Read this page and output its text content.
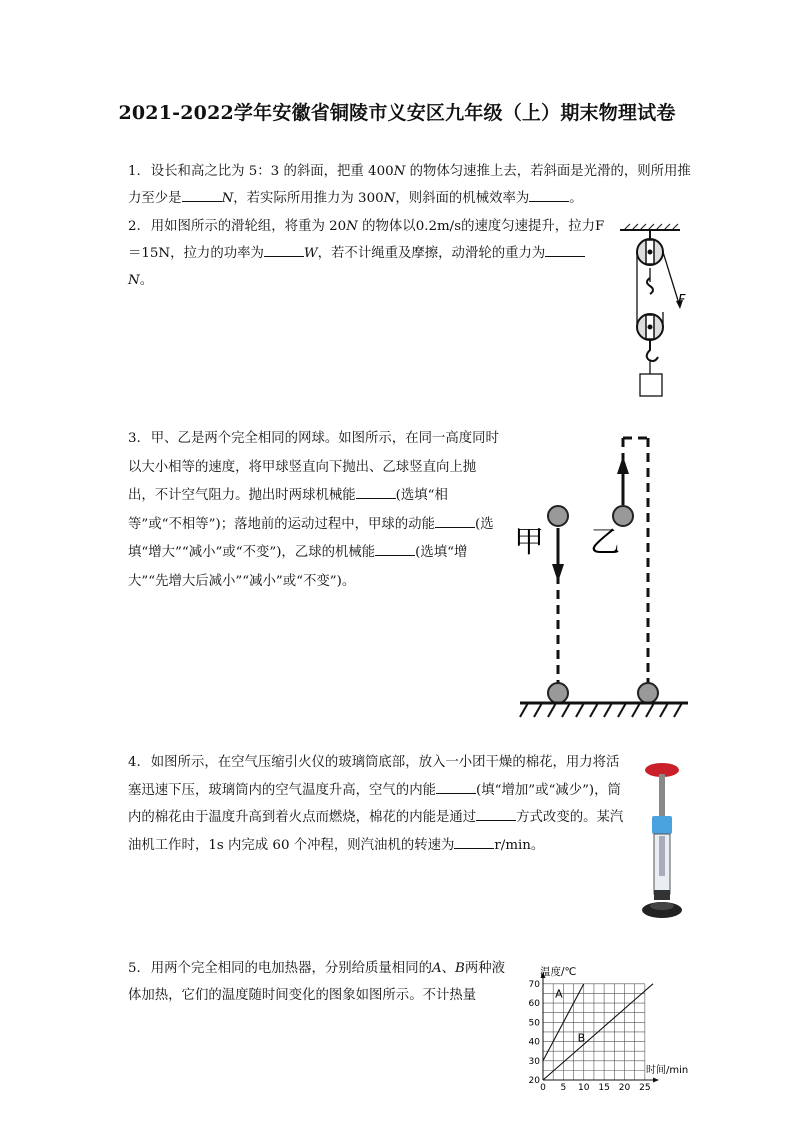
2021-2022学年安徽省铜陵市义安区九年级（上）期末物理试卷

1. 设长和高之比为 5：3 的斜面，把重 400N 的物体匀速推上去，若斜面是光滑的，则所用推力至少是	N，若实际所用推力为 300N，则斜面的机械效率为	。

2. 用如图所示的滑轮组，将重为 20N 的物体以0.2m/s的速度匀速提升，拉力F＝15N，拉力的功率为	W，若不计绳重及摩擦，动滑轮的重力为N。

F

3. 甲、乙是两个完全相同的网球。如图所示，在同一高度同时以大小相等的速度，将甲球竖直向下抛出、乙球竖直向上抛出，不计空气阻力。抛出时两球机械能	(选填“相等”或“不相等”)；落地前的运动过程中，甲球的动能	(选填“增大”“减小”或“不变”)，乙球的机械能	(选填“增大”“先增大后减小”“减小”或“不变”)。

甲 乙

4. 如图所示，在空气压缩引火仪的玻璃筒底部，放入一小团干燥的棉花，用力将活塞迅速下压，玻璃筒内的空气温度升高，空气的内能	(填“增加”或“减少”)，筒内的棉花由于温度升高到着火点而燃烧，棉花的内能是通过	方式改变的。某汽油机工作时，1s 内完成 60 个冲程，则汽油机的转速为	r/min。

5. 用两个完全相同的电加热器，分别给质量相同的A、B两种液体加热，它们的温度随时间变化的图象如图所示。不计热量

0 5 10 15 20 25
20
30
40
50
60
70
A
B
温度/℃
时间/min
